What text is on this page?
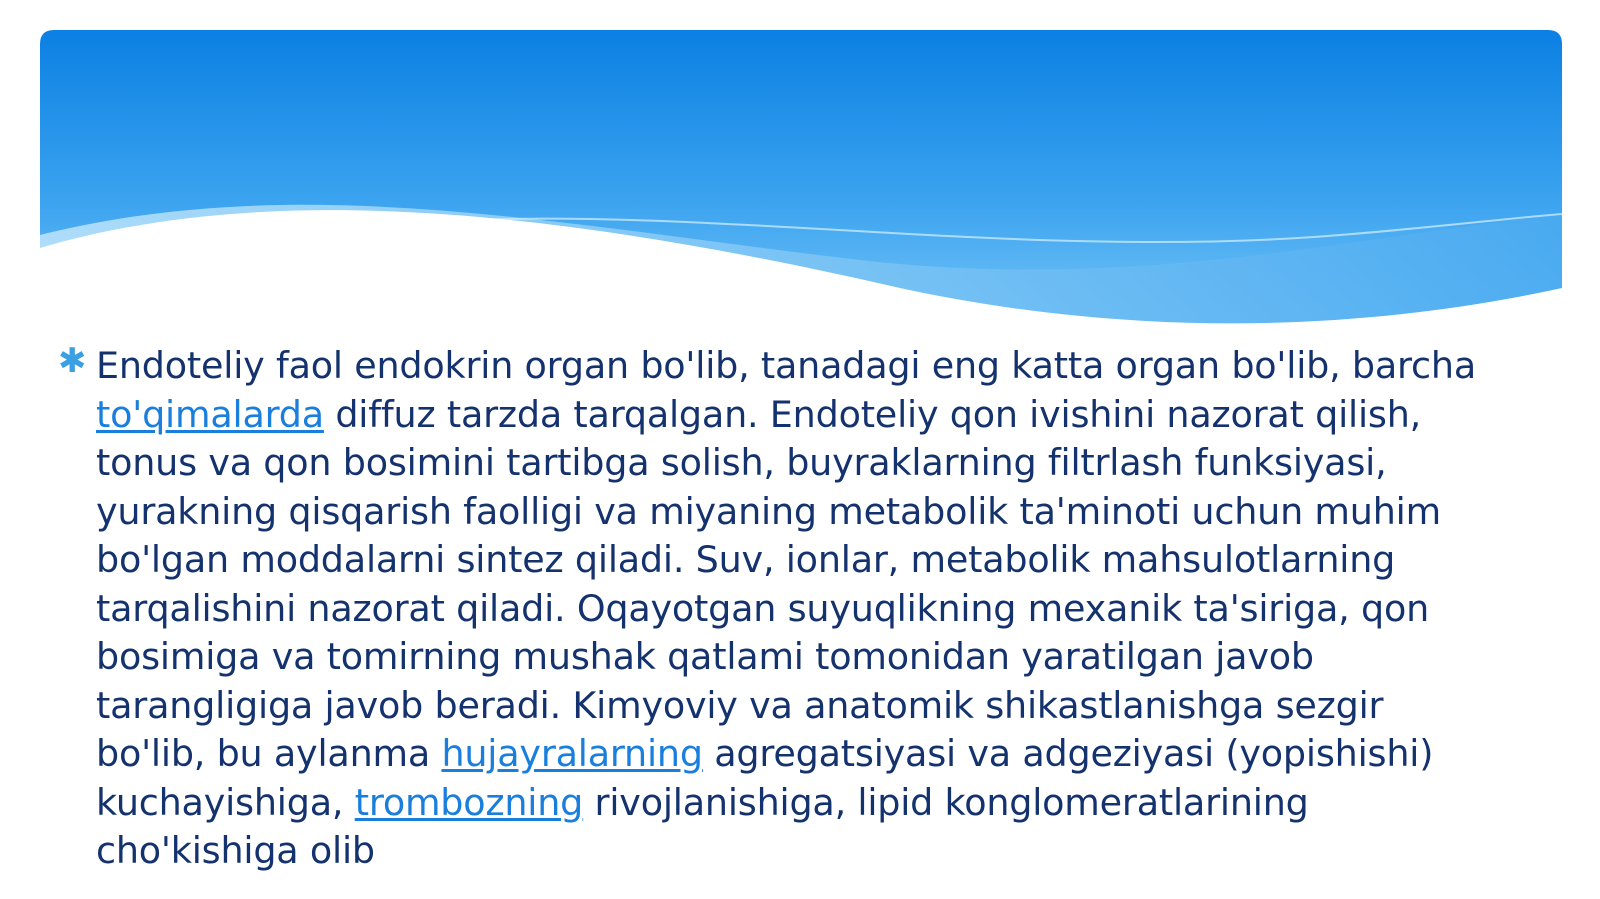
✱ Endoteliy faol endokrin organ bo'lib, tanadagi eng katta organ bo'lib, barcha to'qimalarda diffuz tarzda tarqalgan. Endoteliy qon ivishini nazorat qilish, tonus va qon bosimini tartibga solish, buyraklarning filtrlash funksiyasi, yurakning qisqarish faolligi va miyaning metabolik ta'minoti uchun muhim bo'lgan moddalarni sintez qiladi. Suv, ionlar, metabolik mahsulotlarning tarqalishini nazorat qiladi. Oqayotgan suyuqlikning mexanik ta'siriga, qon bosimiga va tomirning mushak qatlami tomonidan yaratilgan javob tarangligiga javob beradi. Kimyoviy va anatomik shikastlanishga sezgir bo'lib, bu aylanma hujayralarning agregatsiyasi va adgeziyasi (yopishishi) kuchayishiga, trombozning rivojlanishiga, lipid konglomeratlarining cho'kishiga olib
